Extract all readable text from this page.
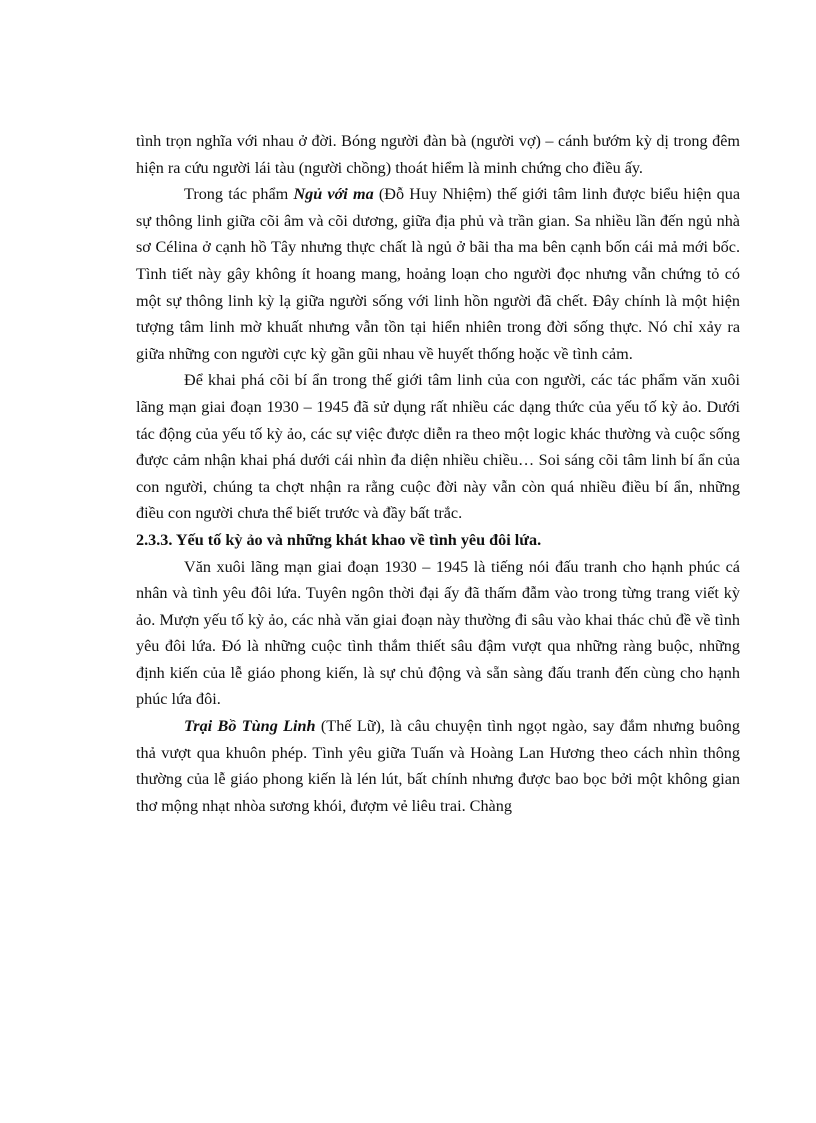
tình trọn nghĩa với nhau ở đời. Bóng người đàn bà (người vợ) – cánh bướm kỳ dị trong đêm hiện ra cứu người lái tàu (người chồng) thoát hiểm là minh chứng cho điều ấy.

Trong tác phẩm Ngủ với ma (Đỗ Huy Nhiệm) thế giới tâm linh được biểu hiện qua sự thông linh giữa cõi âm và cõi dương, giữa địa phủ và trần gian. Sa nhiều lần đến ngủ nhà sơ Célina ở cạnh hồ Tây nhưng thực chất là ngủ ở bãi tha ma bên cạnh bốn cái mả mới bốc. Tình tiết này gây không ít hoang mang, hoảng loạn cho người đọc nhưng vẫn chứng tỏ có một sự thông linh kỳ lạ giữa người sống với linh hồn người đã chết. Đây chính là một hiện tượng tâm linh mờ khuất nhưng vẫn tồn tại hiển nhiên trong đời sống thực. Nó chỉ xảy ra giữa những con người cực kỳ gần gũi nhau về huyết thống hoặc về tình cảm.

Để khai phá cõi bí ẩn trong thế giới tâm linh của con người, các tác phẩm văn xuôi lãng mạn giai đoạn 1930 – 1945 đã sử dụng rất nhiều các dạng thức của yếu tố kỳ ảo. Dưới tác động của yếu tố kỳ ảo, các sự việc được diễn ra theo một logic khác thường và cuộc sống được cảm nhận khai phá dưới cái nhìn đa diện nhiều chiều… Soi sáng cõi tâm linh bí ẩn của con người, chúng ta chợt nhận ra rằng cuộc đời này vẫn còn quá nhiều điều bí ẩn, những điều con người chưa thể biết trước và đầy bất trắc.

2.3.3. Yếu tố kỳ ảo và những khát khao về tình yêu đôi lứa.

Văn xuôi lãng mạn giai đoạn 1930 – 1945 là tiếng nói đấu tranh cho hạnh phúc cá nhân và tình yêu đôi lứa. Tuyên ngôn thời đại ấy đã thấm đẫm vào trong từng trang viết kỳ ảo. Mượn yếu tố kỳ ảo, các nhà văn giai đoạn này thường đi sâu vào khai thác chủ đề về tình yêu đôi lứa. Đó là những cuộc tình thắm thiết sâu đậm vượt qua những ràng buộc, những định kiến của lễ giáo phong kiến, là sự chủ động và sẵn sàng đấu tranh đến cùng cho hạnh phúc lứa đôi.

Trại Bồ Tùng Linh (Thế Lữ), là câu chuyện tình ngọt ngào, say đắm nhưng buông thả vượt qua khuôn phép. Tình yêu giữa Tuấn và Hoàng Lan Hương theo cách nhìn thông thường của lễ giáo phong kiến là lén lút, bất chính nhưng được bao bọc bởi một không gian thơ mộng nhạt nhòa sương khói, đượm vẻ liêu trai. Chàng
